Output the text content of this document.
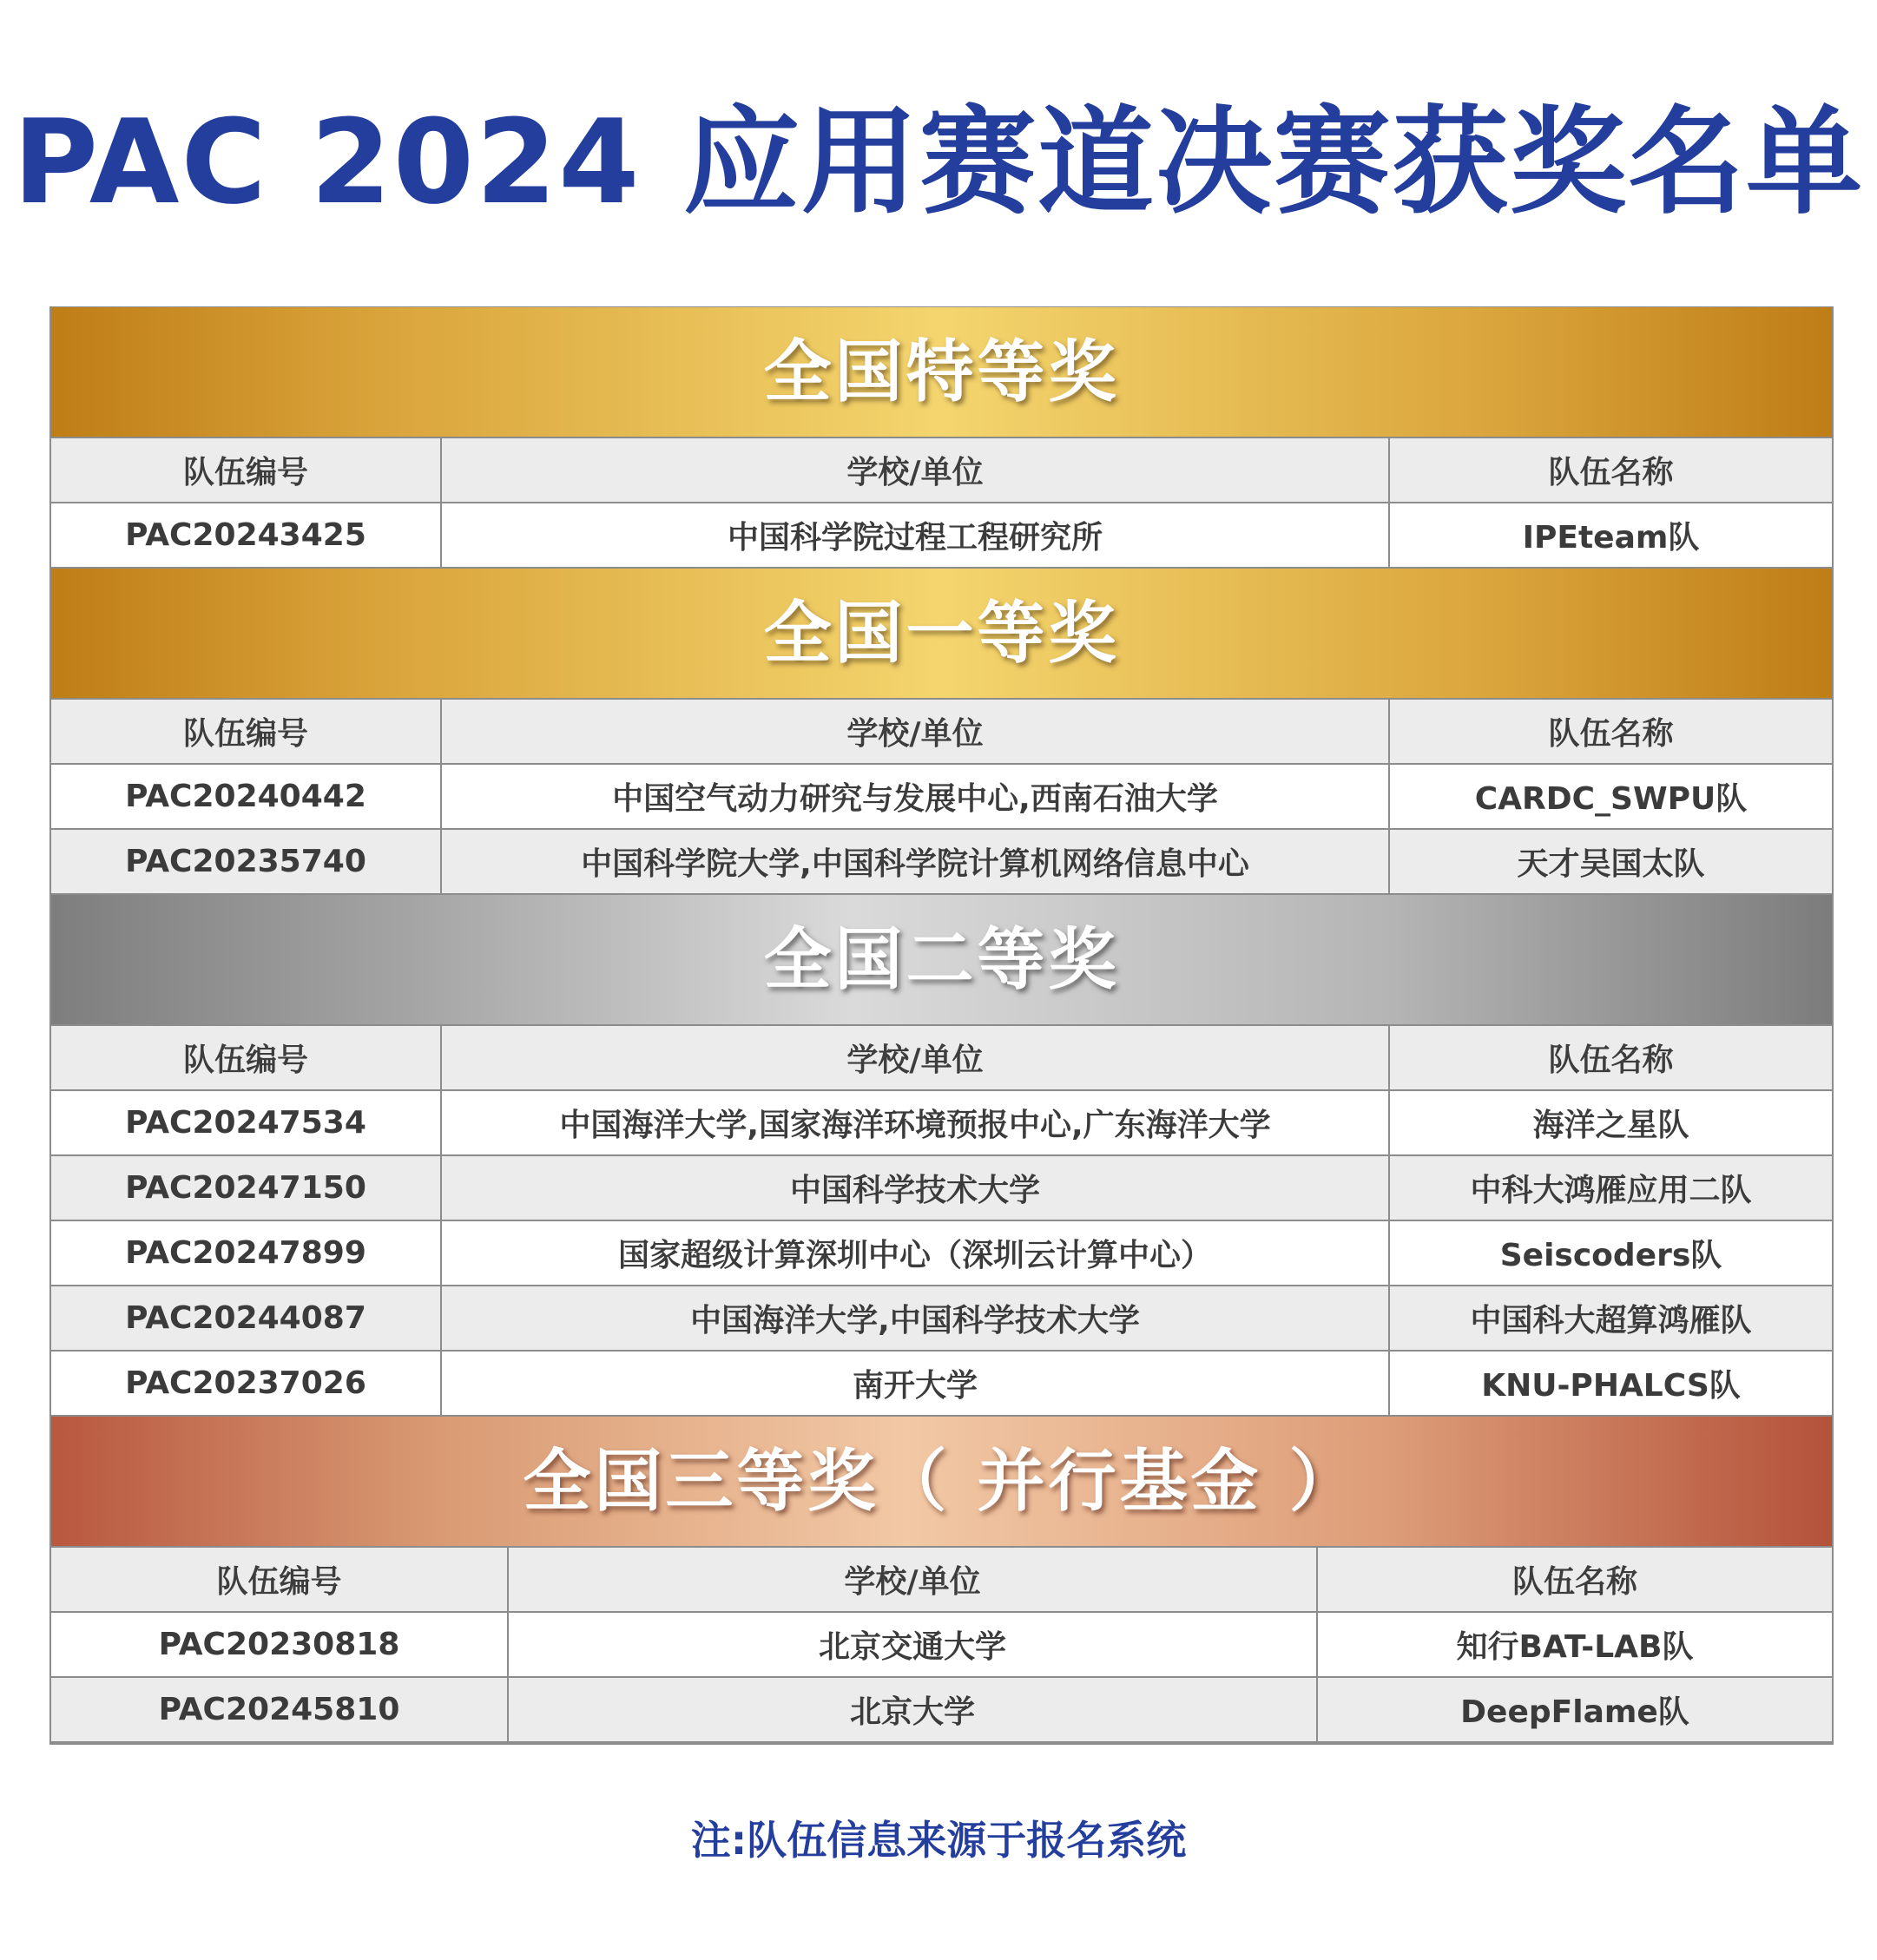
PAC 2024 应用赛道决赛获奖名单
全国特等奖
队伍编号	学校/单位	队伍名称
PAC20243425	中国科学院过程工程研究所	IPEteam队
全国一等奖
队伍编号	学校/单位	队伍名称
PAC20240442	中国空气动力研究与发展中心,西南石油大学	CARDC_SWPU队
PAC20235740	中国科学院大学,中国科学院计算机网络信息中心	天才吴国太队
全国二等奖
队伍编号	学校/单位	队伍名称
PAC20247534	中国海洋大学,国家海洋环境预报中心,广东海洋大学	海洋之星队
PAC20247150	中国科学技术大学	中科大鸿雁应用二队
PAC20247899	国家超级计算深圳中心（深圳云计算中心）	Seiscoders队
PAC20244087	中国海洋大学,中国科学技术大学	中国科大超算鸿雁队
PAC20237026	南开大学	KNU-PHALCS队
全国三等奖（ 并行基金 ）
队伍编号	学校/单位	队伍名称
PAC20230818	北京交通大学	知行BAT-LAB队
PAC20245810	北京大学	DeepFlame队
注:队伍信息来源于报名系统
